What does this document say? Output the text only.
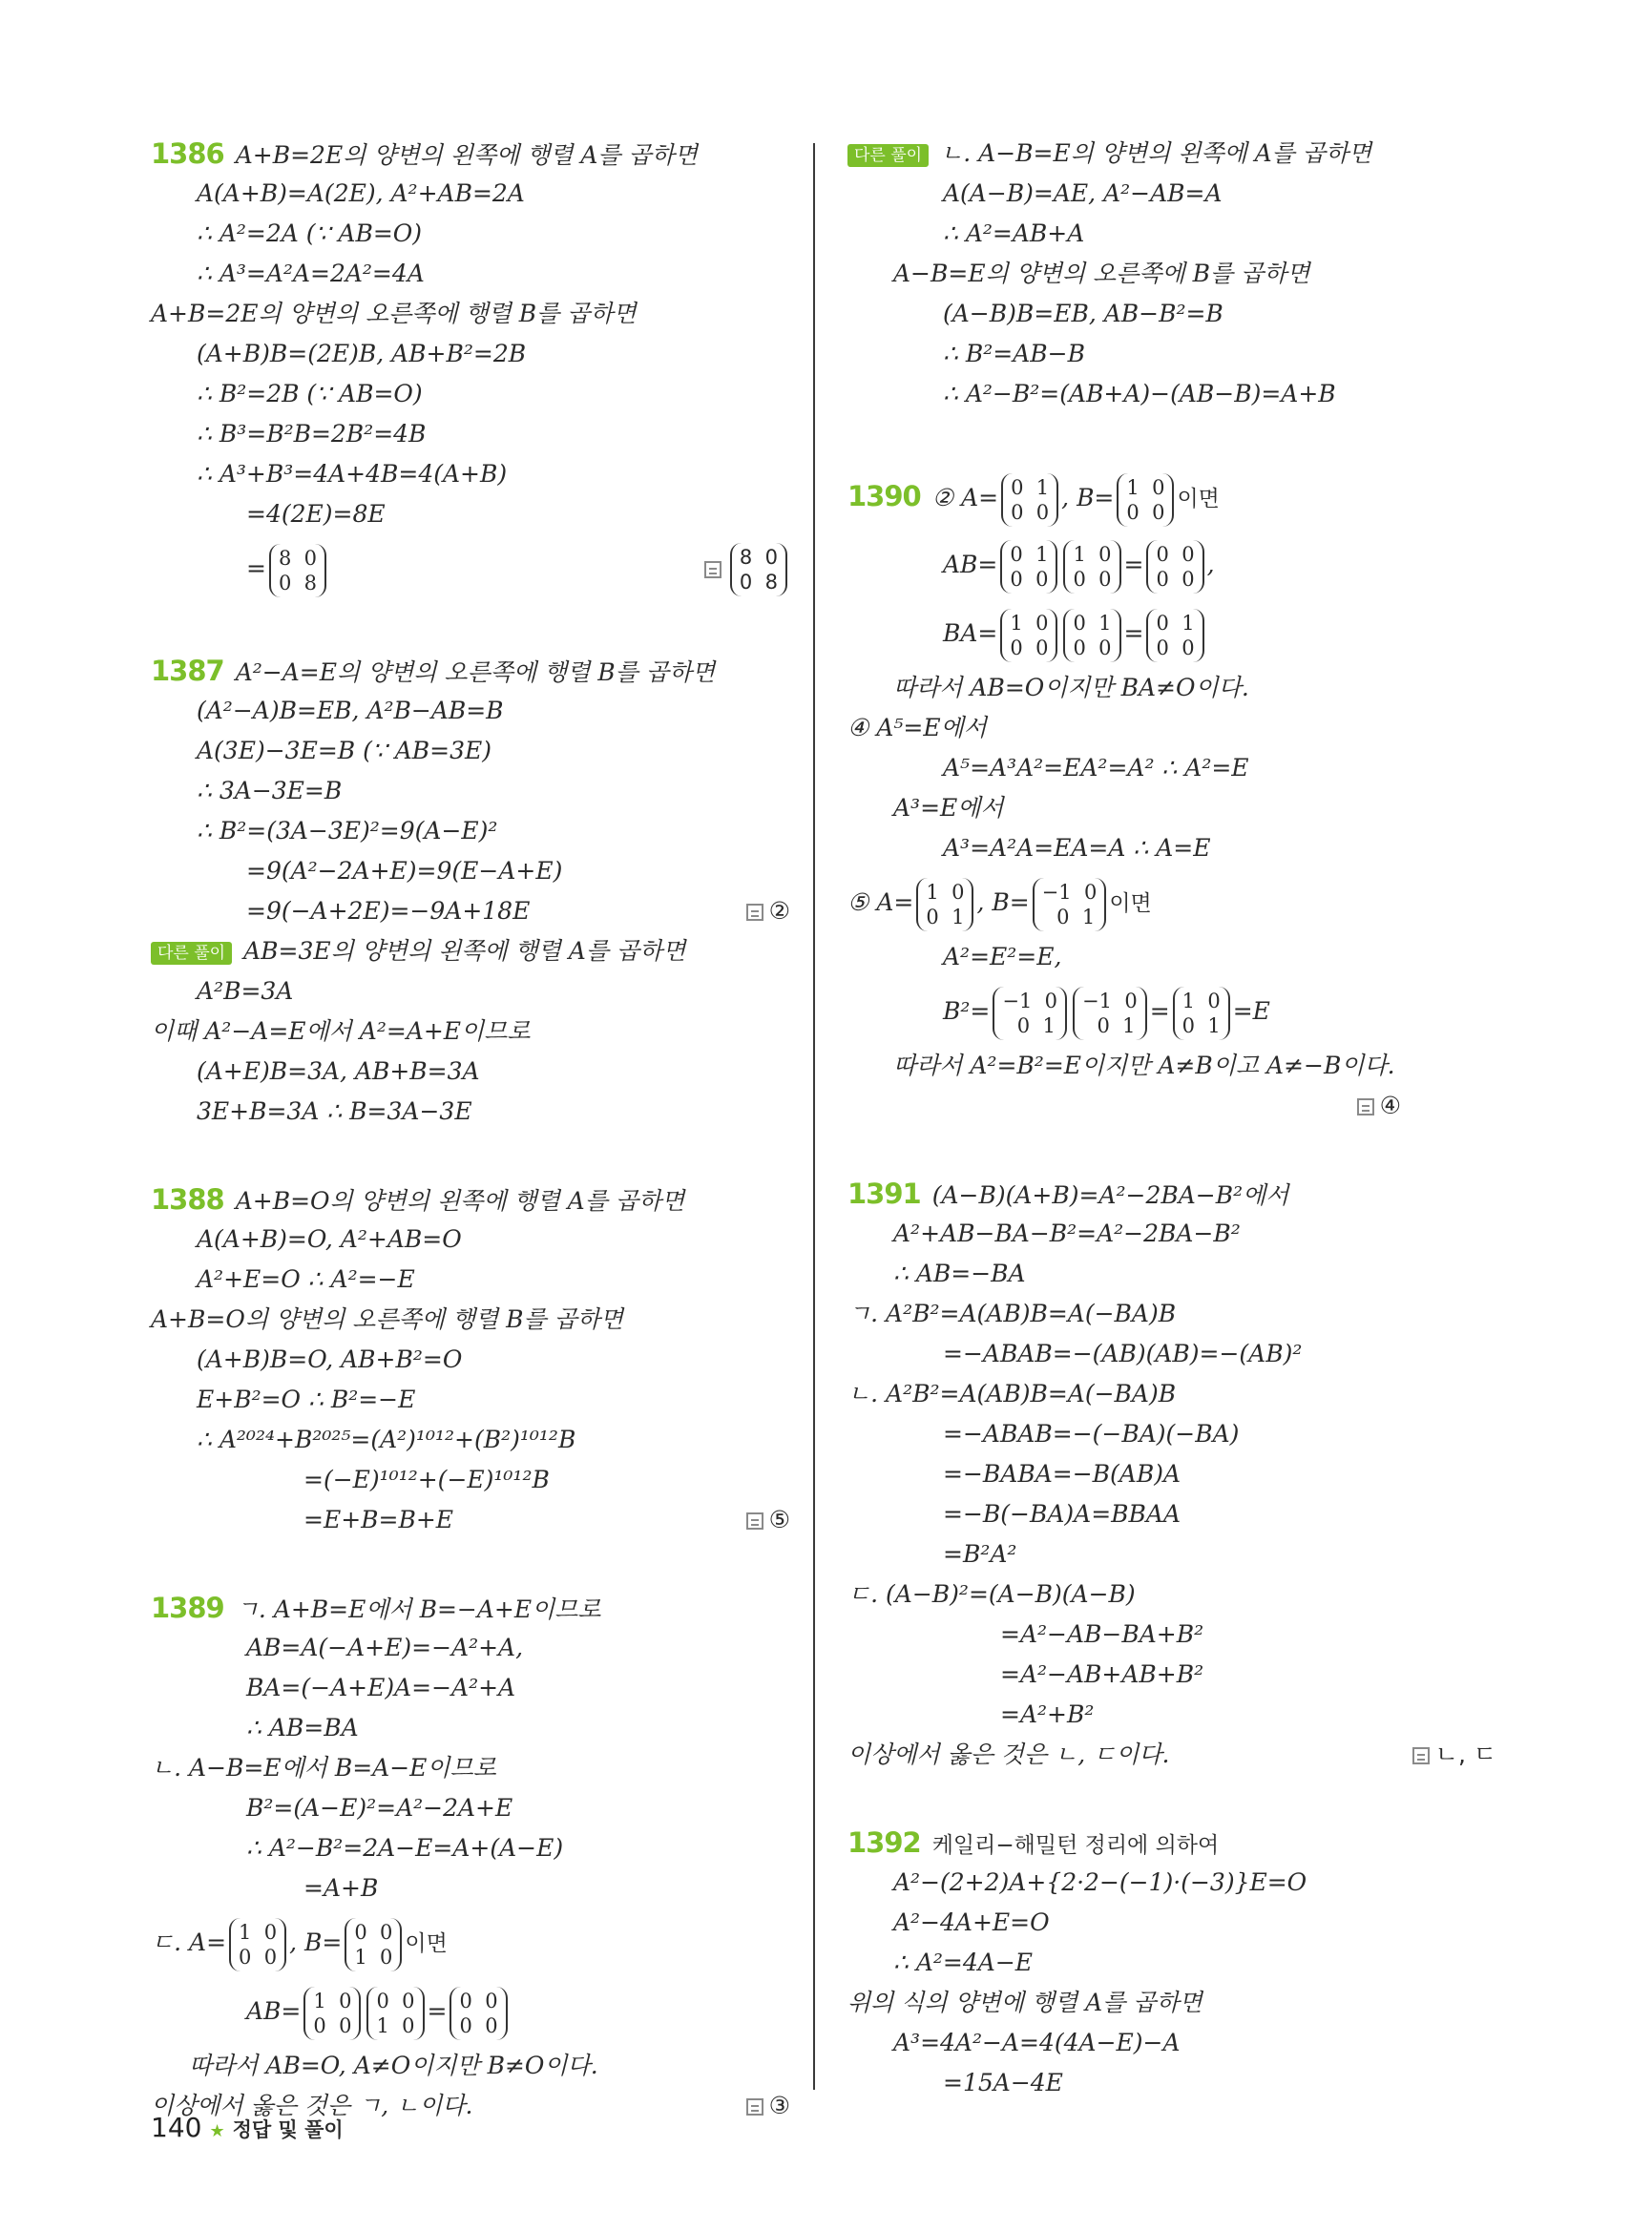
1386 A+B=2E의 양변의 왼쪽에 행렬 A를 곱하면
A(A+B)=A(2E), A²+AB=2A
∴ A²=2A (∵ AB=O)
∴ A³=A²A=2A²=4A
A+B=2E의 양변의 오른쪽에 행렬 B를 곱하면
(A+B)B=(2E)B, AB+B²=2B
∴ B²=2B (∵ AB=O)
∴ B³=B²B=2B²=4B
∴ A³+B³=4A+4B=4(A+B)
=4(2E)=8E
= 8  0
0  8
8  0
0  8
1387 A²−A=E의 양변의 오른쪽에 행렬 B를 곱하면
(A²−A)B=EB, A²B−AB=B
A(3E)−3E=B (∵ AB=3E)
∴ 3A−3E=B
∴ B²=(3A−3E)²=9(A−E)²
=9(A²−2A+E)=9(E−A+E)
=9(−A+2E)=−9A+18E	②
다른 풀이 AB=3E의 양변의 왼쪽에 행렬 A를 곱하면
A²B=3A
이때 A²−A=E에서 A²=A+E이므로
(A+E)B=3A, AB+B=3A
3E+B=3A ∴ B=3A−3E
1388 A+B=O의 양변의 왼쪽에 행렬 A를 곱하면
A(A+B)=O, A²+AB=O
A²+E=O ∴ A²=−E
A+B=O의 양변의 오른쪽에 행렬 B를 곱하면
(A+B)B=O, AB+B²=O
E+B²=O ∴ B²=−E
∴ A²⁰²⁴+B²⁰²⁵=(A²)¹⁰¹²+(B²)¹⁰¹²B
=(−E)¹⁰¹²+(−E)¹⁰¹²B
=E+B=B+E	⑤
1389 ㄱ. A+B=E에서 B=−A+E이므로
AB=A(−A+E)=−A²+A,
BA=(−A+E)A=−A²+A
∴ AB=BA
ㄴ. A−B=E에서 B=A−E이므로
B²=(A−E)²=A²−2A+E
∴ A²−B²=2A−E=A+(A−E)
=A+B
ㄷ. A= 1  0
0  0
, B= 0  0
1  0
이면
AB= 1  0
0  0
0  0
1  0
= 0  0
0  0
따라서 AB=O, A≠O이지만 B≠O이다.
이상에서 옳은 것은 ㄱ, ㄴ이다.	③
다른 풀이 ㄴ. A−B=E의 양변의 왼쪽에 A를 곱하면
A(A−B)=AE, A²−AB=A
∴ A²=AB+A
A−B=E의 양변의 오른쪽에 B를 곱하면
(A−B)B=EB, AB−B²=B
∴ B²=AB−B
∴ A²−B²=(AB+A)−(AB−B)=A+B
1390 ② A= 0  1
0  0
, B= 1  0
0  0
이면
AB= 0  1
0  0
1  0
0  0
= 0  0
0  0
,
BA= 1  0
0  0
0  1
0  0
= 0  1
0  0
따라서 AB=O이지만 BA≠O이다.
④ A⁵=E에서
A⁵=A³A²=EA²=A² ∴ A²=E
A³=E에서
A³=A²A=EA=A ∴ A=E
⑤ A= 1  0
0  1
, B= −1  0
0  1
이면
A²=E²=E,
B²= −1  0
0  1
−1  0
0  1
= 1  0
0  1
=E
따라서 A²=B²=E이지만 A≠B이고 A≠−B이다.
④
1391 (A−B)(A+B)=A²−2BA−B²에서
A²+AB−BA−B²=A²−2BA−B²
∴ AB=−BA
ㄱ. A²B²=A(AB)B=A(−BA)B
=−ABAB=−(AB)(AB)=−(AB)²
ㄴ. A²B²=A(AB)B=A(−BA)B
=−ABAB=−(−BA)(−BA)
=−BABA=−B(AB)A
=−B(−BA)A=BBAA
=B²A²
ㄷ. (A−B)²=(A−B)(A−B)
=A²−AB−BA+B²
=A²−AB+AB+B²
=A²+B²
이상에서 옳은 것은 ㄴ, ㄷ이다.	ㄴ, ㄷ
1392 케일리−해밀턴 정리에 의하여
A²−(2+2)A+{2·2−(−1)·(−3)}E=O
A²−4A+E=O
∴ A²=4A−E
위의 식의 양변에 행렬 A를 곱하면
A³=4A²−A=4(4A−E)−A
=15A−4E
140 ★ 정답 및 풀이
